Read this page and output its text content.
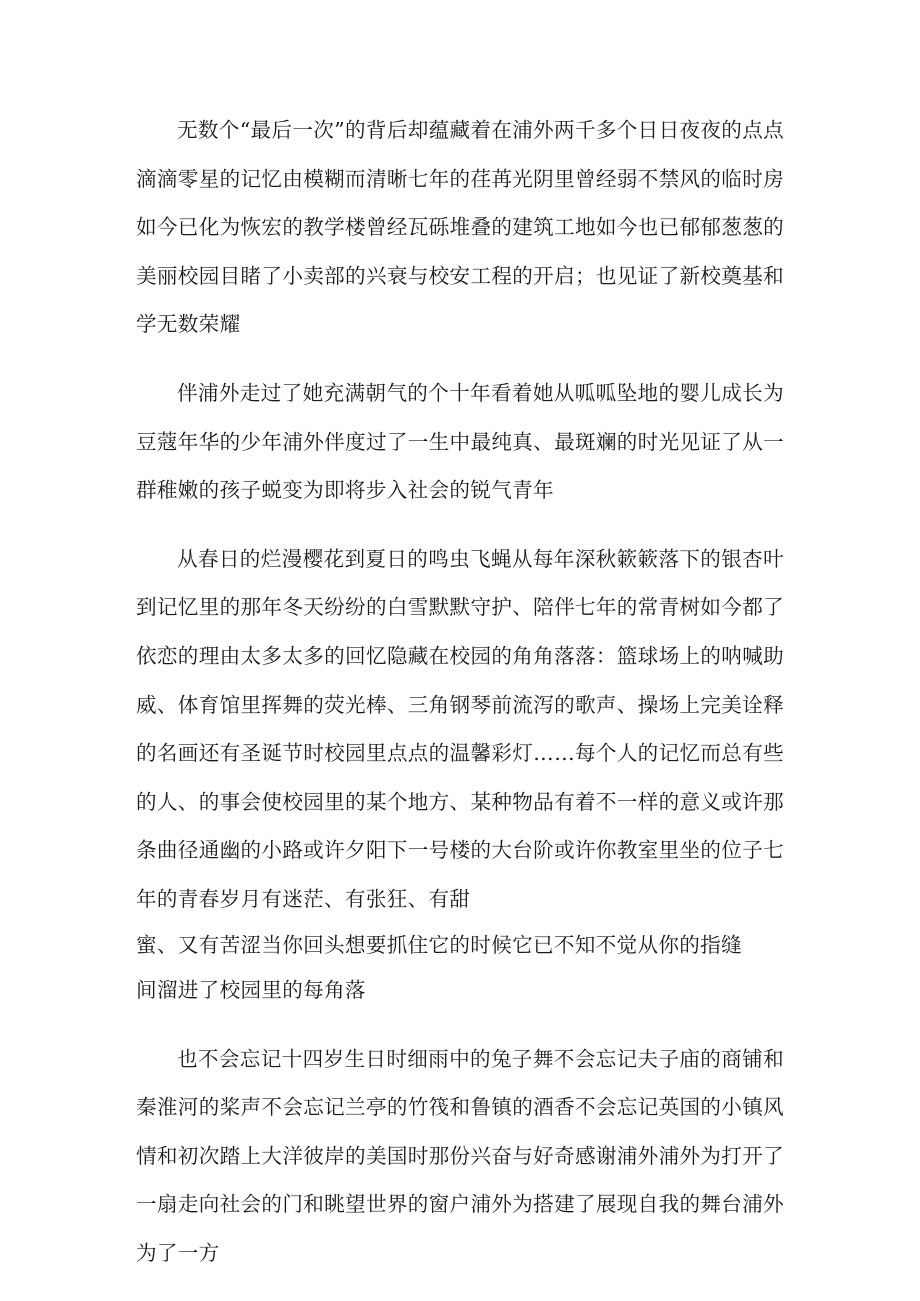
无数个“最后一次”的背后却蕴藏着在浦外两千多个日日夜夜的点点滴滴零星的记忆由模糊而清晰七年的荏苒光阴里曾经弱不禁风的临时房如今已化为恢宏的教学楼曾经瓦砾堆叠的建筑工地如今也已郁郁葱葱的美丽校园目睹了小卖部的兴衰与校安工程的开启；也见证了新校奠基和学无数荣耀

伴浦外走过了她充满朝气的个十年看着她从呱呱坠地的婴儿成长为豆蔻年华的少年浦外伴度过了一生中最纯真、最斑斓的时光见证了从一群稚嫩的孩子蜕变为即将步入社会的锐气青年

从春日的烂漫樱花到夏日的鸣虫飞蝇从每年深秋簌簌落下的银杏叶到记忆里的那年冬天纷纷的白雪默默守护、陪伴七年的常青树如今都了依恋的理由太多太多的回忆隐藏在校园的角角落落：篮球场上的呐喊助威、体育馆里挥舞的荧光棒、三角钢琴前流泻的歌声、操场上完美诠释的名画还有圣诞节时校园里点点的温馨彩灯……每个人的记忆而总有些的人、的事会使校园里的某个地方、某种物品有着不一样的意义或许那条曲径通幽的小路或许夕阳下一号楼的大台阶或许你教室里坐的位子七年的青春岁月有迷茫、有张狂、有甜

蜜、又有苦涩当你回头想要抓住它的时候它已不知不觉从你的指缝

间溜进了校园里的每角落

也不会忘记十四岁生日时细雨中的兔子舞不会忘记夫子庙的商铺和秦淮河的桨声不会忘记兰亭的竹筏和鲁镇的酒香不会忘记英国的小镇风情和初次踏上大洋彼岸的美国时那份兴奋与好奇感谢浦外浦外为打开了一扇走向社会的门和眺望世界的窗户浦外为搭建了展现自我的舞台浦外为了一方
